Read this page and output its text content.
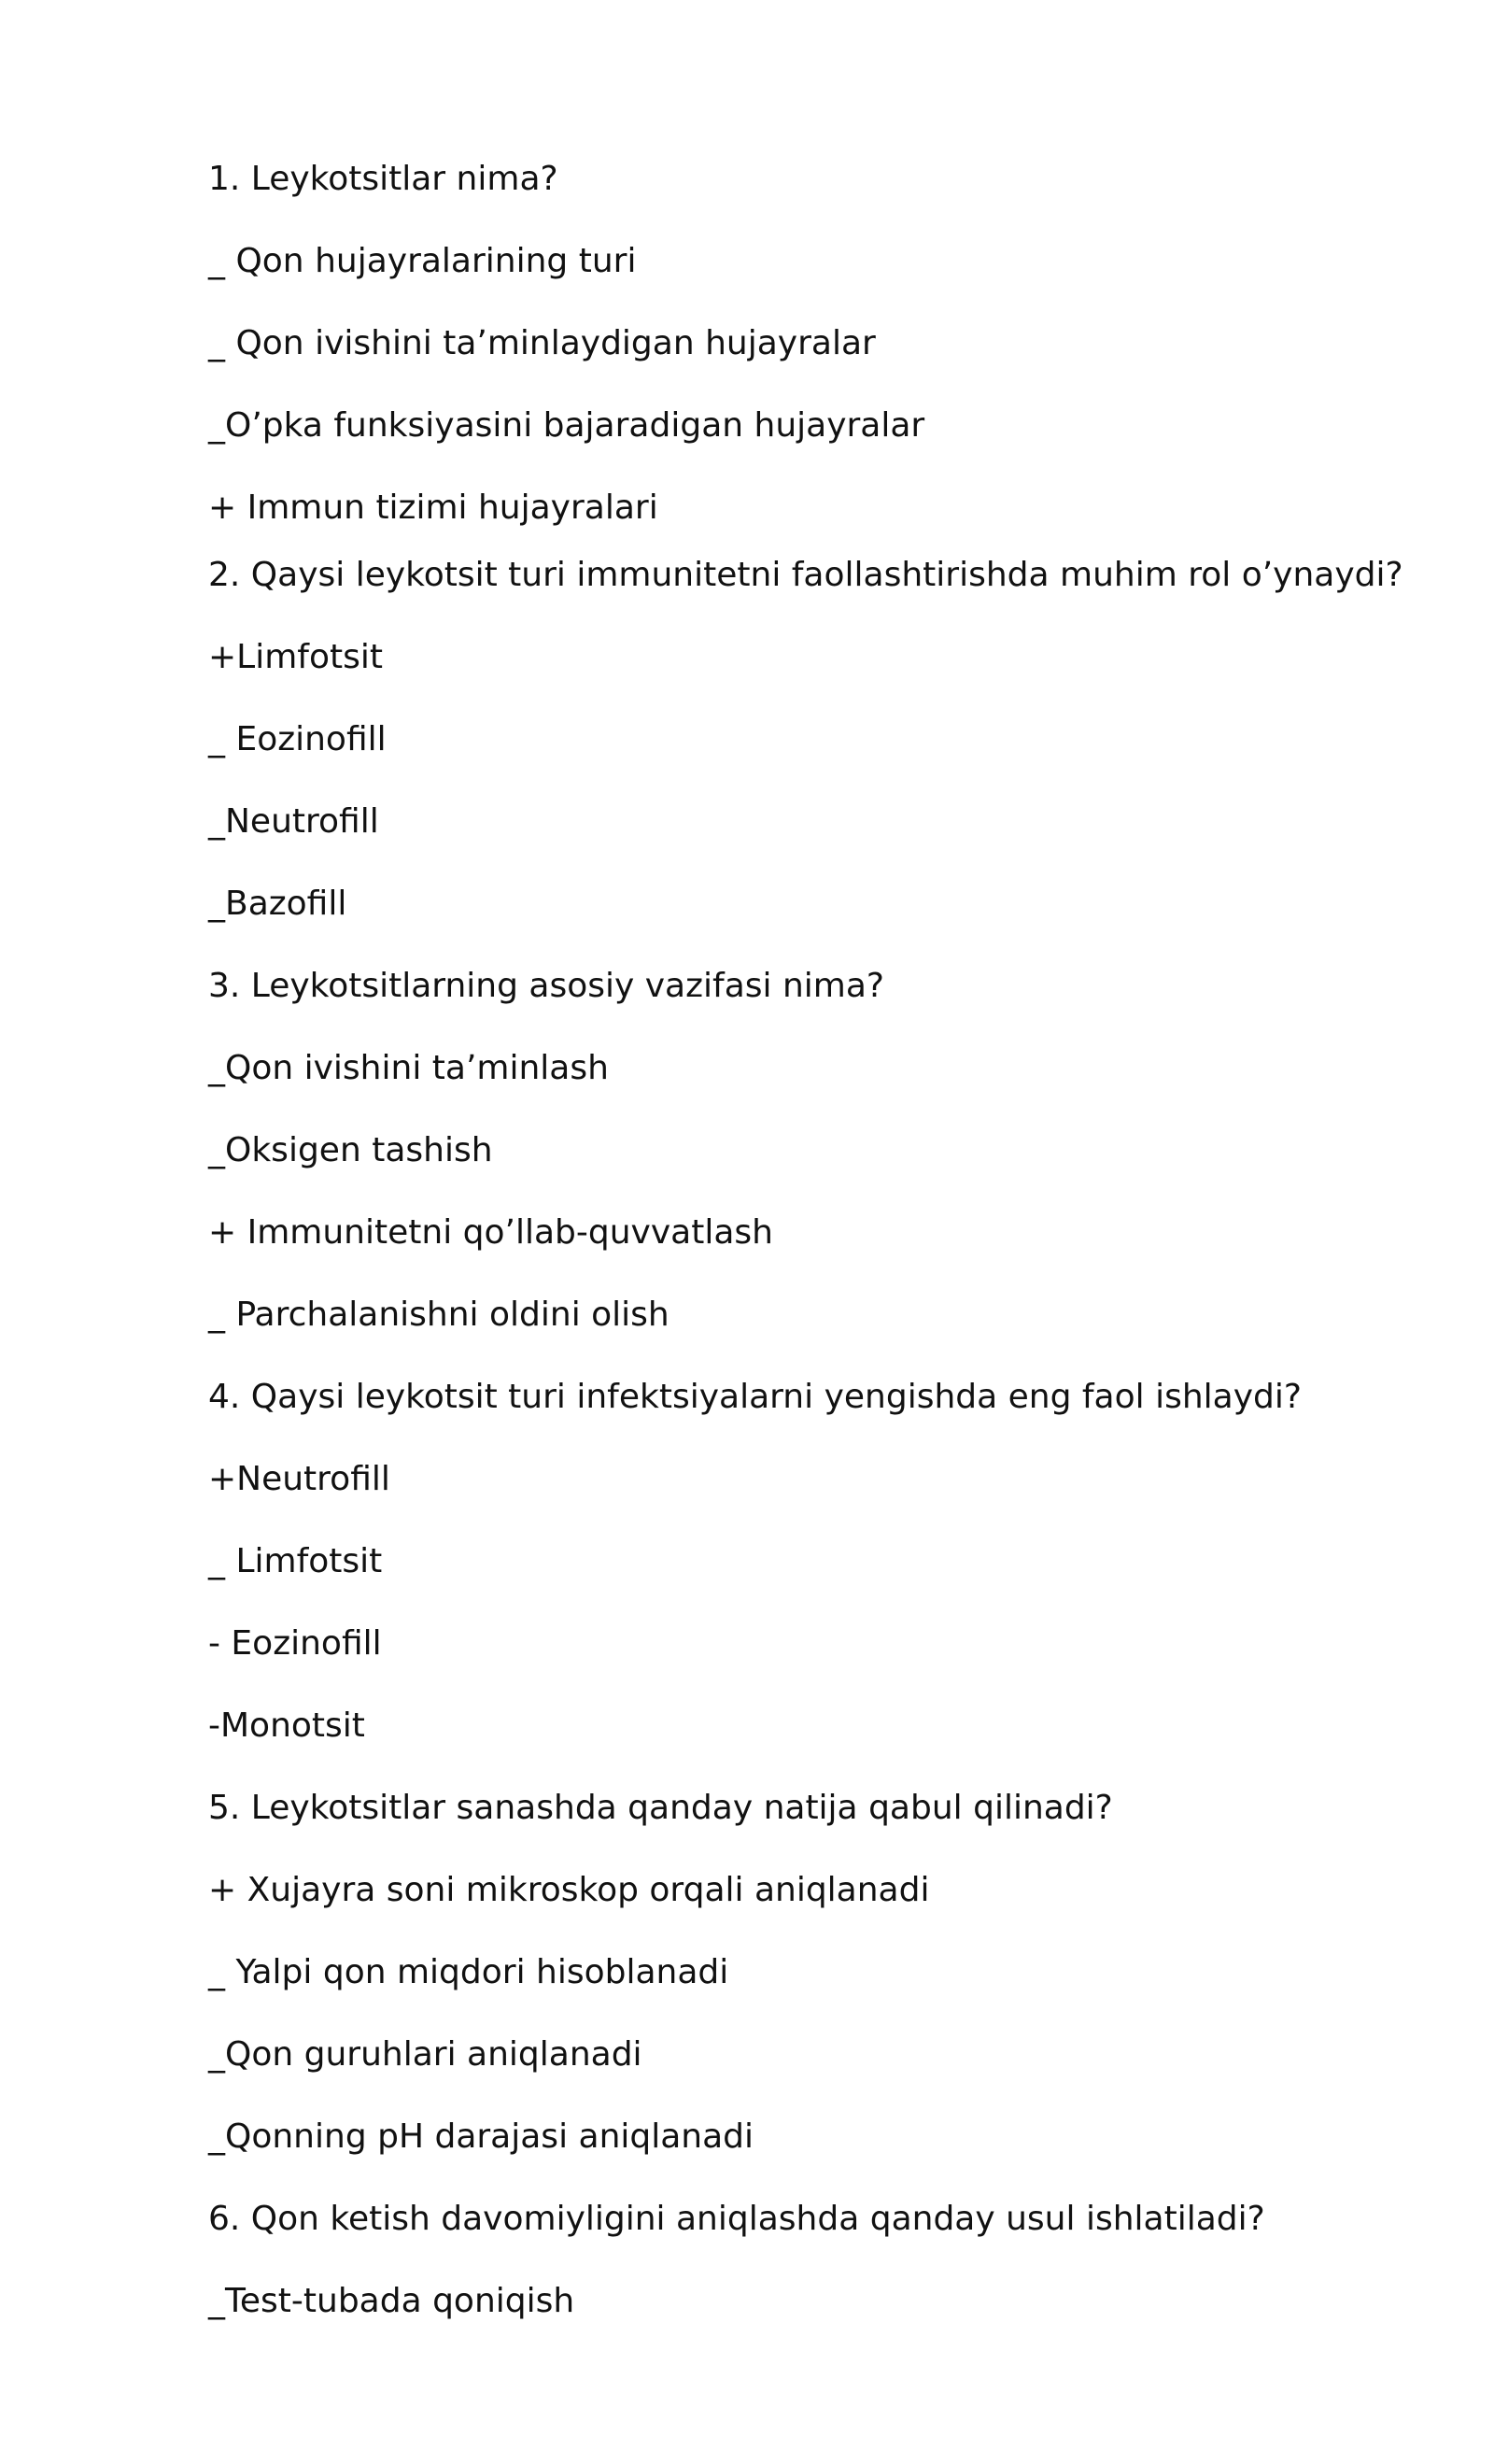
1. Leykotsitlar nima?
_ Qon hujayralarining turi
_ Qon ivishini ta’minlaydigan hujayralar
_O’pka funksiyasini bajaradigan hujayralar
+ Immun tizimi hujayralari
2. Qaysi leykotsit turi immunitetni faollashtirishda muhim rol o’ynaydi?
+Limfotsit
_ Eozinofill
_Neutrofill
_Bazofill
3. Leykotsitlarning asosiy vazifasi nima?
_Qon ivishini ta’minlash
_Oksigen tashish
+ Immunitetni qo’llab-quvvatlash
_ Parchalanishni oldini olish
4. Qaysi leykotsit turi infektsiyalarni yengishda eng faol ishlaydi?
+Neutrofill
_ Limfotsit
- Eozinofill
-Monotsit
5. Leykotsitlar sanashda qanday natija qabul qilinadi?
+ Xujayra soni mikroskop orqali aniqlanadi
_ Yalpi qon miqdori hisoblanadi
_Qon guruhlari aniqlanadi
_Qonning pH darajasi aniqlanadi
6. Qon ketish davomiyligini aniqlashda qanday usul ishlatiladi?
_Test-tubada qoniqish
